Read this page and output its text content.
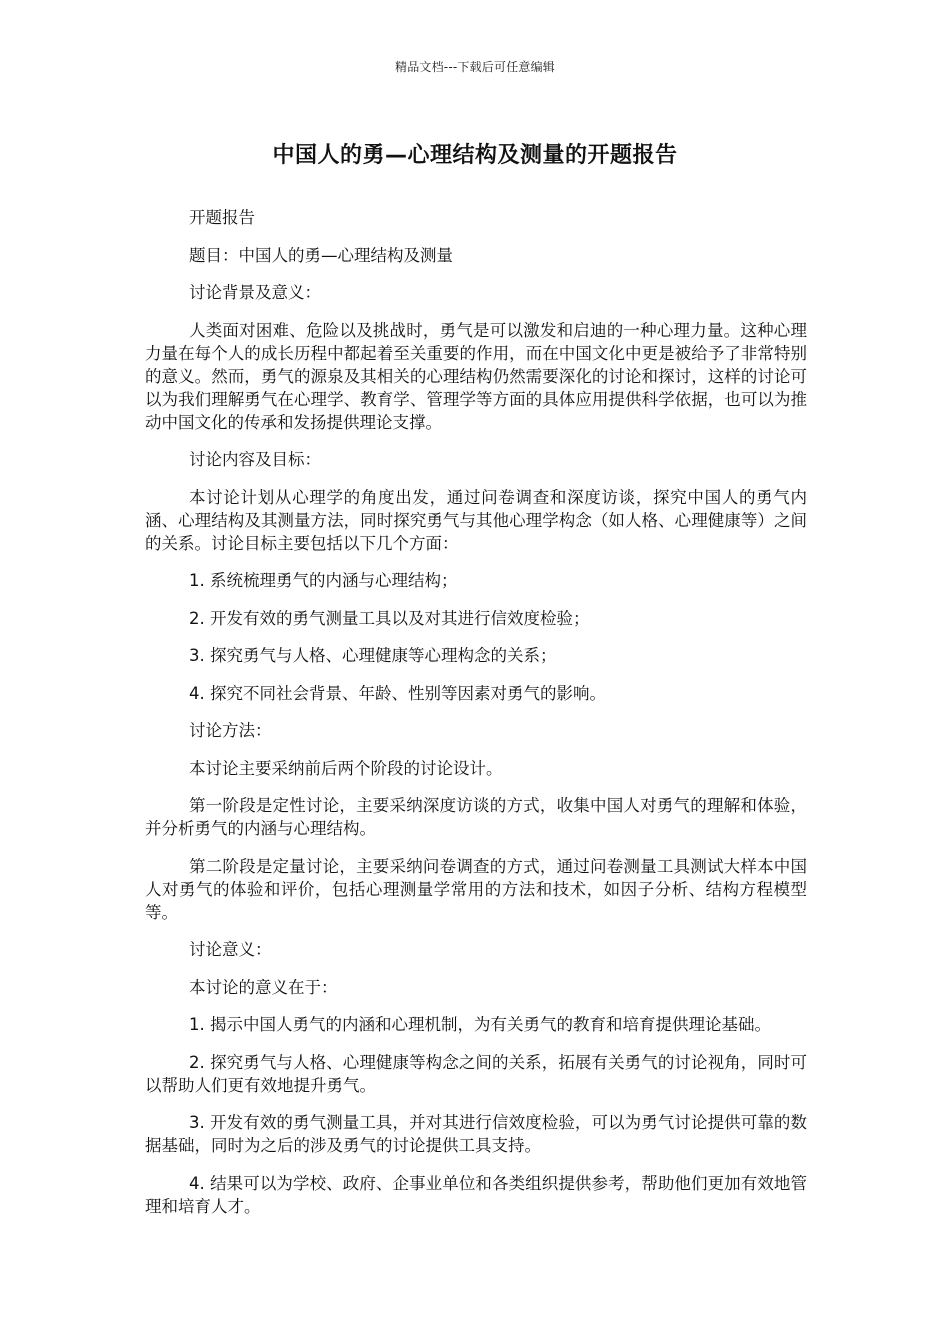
精品文档---下载后可任意编辑
中国人的勇—心理结构及测量的开题报告

开题报告

题目：中国人的勇—心理结构及测量

讨论背景及意义：

人类面对困难、危险以及挑战时，勇气是可以激发和启迪的一种心理力量。这种心理力量在每个人的成长历程中都起着至关重要的作用，而在中国文化中更是被给予了非常特别的意义。然而，勇气的源泉及其相关的心理结构仍然需要深化的讨论和探讨，这样的讨论可以为我们理解勇气在心理学、教育学、管理学等方面的具体应用提供科学依据，也可以为推动中国文化的传承和发扬提供理论支撑。

讨论内容及目标：

本讨论计划从心理学的角度出发，通过问卷调查和深度访谈，探究中国人的勇气内涵、心理结构及其测量方法，同时探究勇气与其他心理学构念（如人格、心理健康等）之间的关系。讨论目标主要包括以下几个方面：

1. 系统梳理勇气的内涵与心理结构；

2. 开发有效的勇气测量工具以及对其进行信效度检验；

3. 探究勇气与人格、心理健康等心理构念的关系；

4. 探究不同社会背景、年龄、性别等因素对勇气的影响。

讨论方法：

本讨论主要采纳前后两个阶段的讨论设计。

第一阶段是定性讨论，主要采纳深度访谈的方式，收集中国人对勇气的理解和体验，并分析勇气的内涵与心理结构。

第二阶段是定量讨论，主要采纳问卷调查的方式，通过问卷测量工具测试大样本中国人对勇气的体验和评价，包括心理测量学常用的方法和技术，如因子分析、结构方程模型等。

讨论意义：

本讨论的意义在于：

1. 揭示中国人勇气的内涵和心理机制，为有关勇气的教育和培育提供理论基础。

2. 探究勇气与人格、心理健康等构念之间的关系，拓展有关勇气的讨论视角，同时可以帮助人们更有效地提升勇气。

3. 开发有效的勇气测量工具，并对其进行信效度检验，可以为勇气讨论提供可靠的数据基础，同时为之后的涉及勇气的讨论提供工具支持。

4. 结果可以为学校、政府、企事业单位和各类组织提供参考，帮助他们更加有效地管理和培育人才。
